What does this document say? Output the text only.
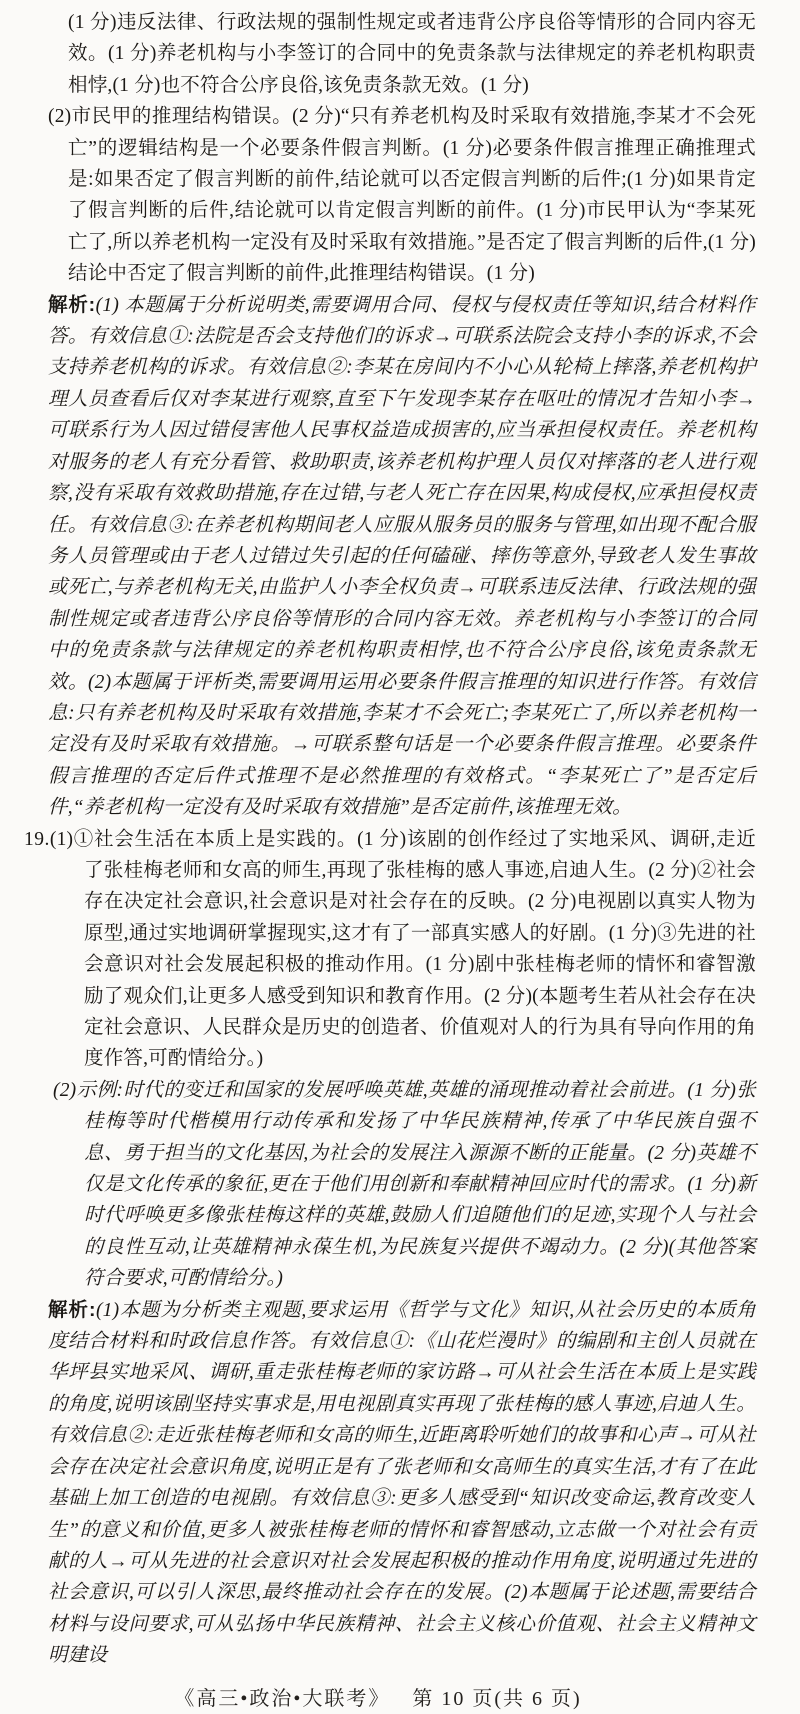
(1 分)违反法律、行政法规的强制性规定或者违背公序良俗等情形的合同内容无效。(1 分)养老机构与小李签订的合同中的免责条款与法律规定的养老机构职责相悖,(1 分)也不符合公序良俗,该免责条款无效。(1 分)

(2)市民甲的推理结构错误。(2 分)“只有养老机构及时采取有效措施,李某才不会死亡”的逻辑结构是一个必要条件假言判断。(1 分)必要条件假言推理正确推理式是:如果否定了假言判断的前件,结论就可以否定假言判断的后件;(1 分)如果肯定了假言判断的后件,结论就可以肯定假言判断的前件。(1 分)市民甲认为“李某死亡了,所以养老机构一定没有及时采取有效措施。”是否定了假言判断的后件,(1 分)结论中否定了假言判断的前件,此推理结构错误。(1 分)

解析:(1) 本题属于分析说明类,需要调用合同、侵权与侵权责任等知识,结合材料作答。有效信息①:法院是否会支持他们的诉求→可联系法院会支持小李的诉求,不会支持养老机构的诉求。有效信息②:李某在房间内不小心从轮椅上摔落,养老机构护理人员查看后仅对李某进行观察,直至下午发现李某存在呕吐的情况才告知小李→可联系行为人因过错侵害他人民事权益造成损害的,应当承担侵权责任。养老机构对服务的老人有充分看管、救助职责,该养老机构护理人员仅对摔落的老人进行观察,没有采取有效救助措施,存在过错,与老人死亡存在因果,构成侵权,应承担侵权责任。有效信息③:在养老机构期间老人应服从服务员的服务与管理,如出现不配合服务人员管理或由于老人过错过失引起的任何磕碰、摔伤等意外,导致老人发生事故或死亡,与养老机构无关,由监护人小李全权负责→可联系违反法律、行政法规的强制性规定或者违背公序良俗等情形的合同内容无效。养老机构与小李签订的合同中的免责条款与法律规定的养老机构职责相悖,也不符合公序良俗,该免责条款无效。(2)本题属于评析类,需要调用运用必要条件假言推理的知识进行作答。有效信息:只有养老机构及时采取有效措施,李某才不会死亡;李某死亡了,所以养老机构一定没有及时采取有效措施。→可联系整句话是一个必要条件假言推理。必要条件假言推理的否定后件式推理不是必然推理的有效格式。“李某死亡了”是否定后件,“养老机构一定没有及时采取有效措施”是否定前件,该推理无效。

19.(1)①社会生活在本质上是实践的。(1 分)该剧的创作经过了实地采风、调研,走近了张桂梅老师和女高的师生,再现了张桂梅的感人事迹,启迪人生。(2 分)②社会存在决定社会意识,社会意识是对社会存在的反映。(2 分)电视剧以真实人物为原型,通过实地调研掌握现实,这才有了一部真实感人的好剧。(1 分)③先进的社会意识对社会发展起积极的推动作用。(1 分)剧中张桂梅老师的情怀和睿智激励了观众们,让更多人感受到知识和教育作用。(2 分)(本题考生若从社会存在决定社会意识、人民群众是历史的创造者、价值观对人的行为具有导向作用的角度作答,可酌情给分。)

(2)示例:时代的变迁和国家的发展呼唤英雄,英雄的涌现推动着社会前进。(1 分)张桂梅等时代楷模用行动传承和发扬了中华民族精神,传承了中华民族自强不息、勇于担当的文化基因,为社会的发展注入源源不断的正能量。(2 分)英雄不仅是文化传承的象征,更在于他们用创新和奉献精神回应时代的需求。(1 分)新时代呼唤更多像张桂梅这样的英雄,鼓励人们追随他们的足迹,实现个人与社会的良性互动,让英雄精神永葆生机,为民族复兴提供不竭动力。(2 分)(其他答案符合要求,可酌情给分。)

解析:(1)本题为分析类主观题,要求运用《哲学与文化》知识,从社会历史的本质角度结合材料和时政信息作答。有效信息①:《山花烂漫时》的编剧和主创人员就在华坪县实地采风、调研,重走张桂梅老师的家访路→可从社会生活在本质上是实践的角度,说明该剧坚持实事求是,用电视剧真实再现了张桂梅的感人事迹,启迪人生。有效信息②:走近张桂梅老师和女高的师生,近距离聆听她们的故事和心声→可从社会存在决定社会意识角度,说明正是有了张老师和女高师生的真实生活,才有了在此基础上加工创造的电视剧。有效信息③:更多人感受到“知识改变命运,教育改变人生”的意义和价值,更多人被张桂梅老师的情怀和睿智感动,立志做一个对社会有贡献的人→可从先进的社会意识对社会发展起积极的推动作用角度,说明通过先进的社会意识,可以引人深思,最终推动社会存在的发展。(2)本题属于论述题,需要结合材料与设问要求,可从弘扬中华民族精神、社会主义核心价值观、社会主义精神文明建设

《高三•政治•大联考》 第 10 页(共 6 页)
